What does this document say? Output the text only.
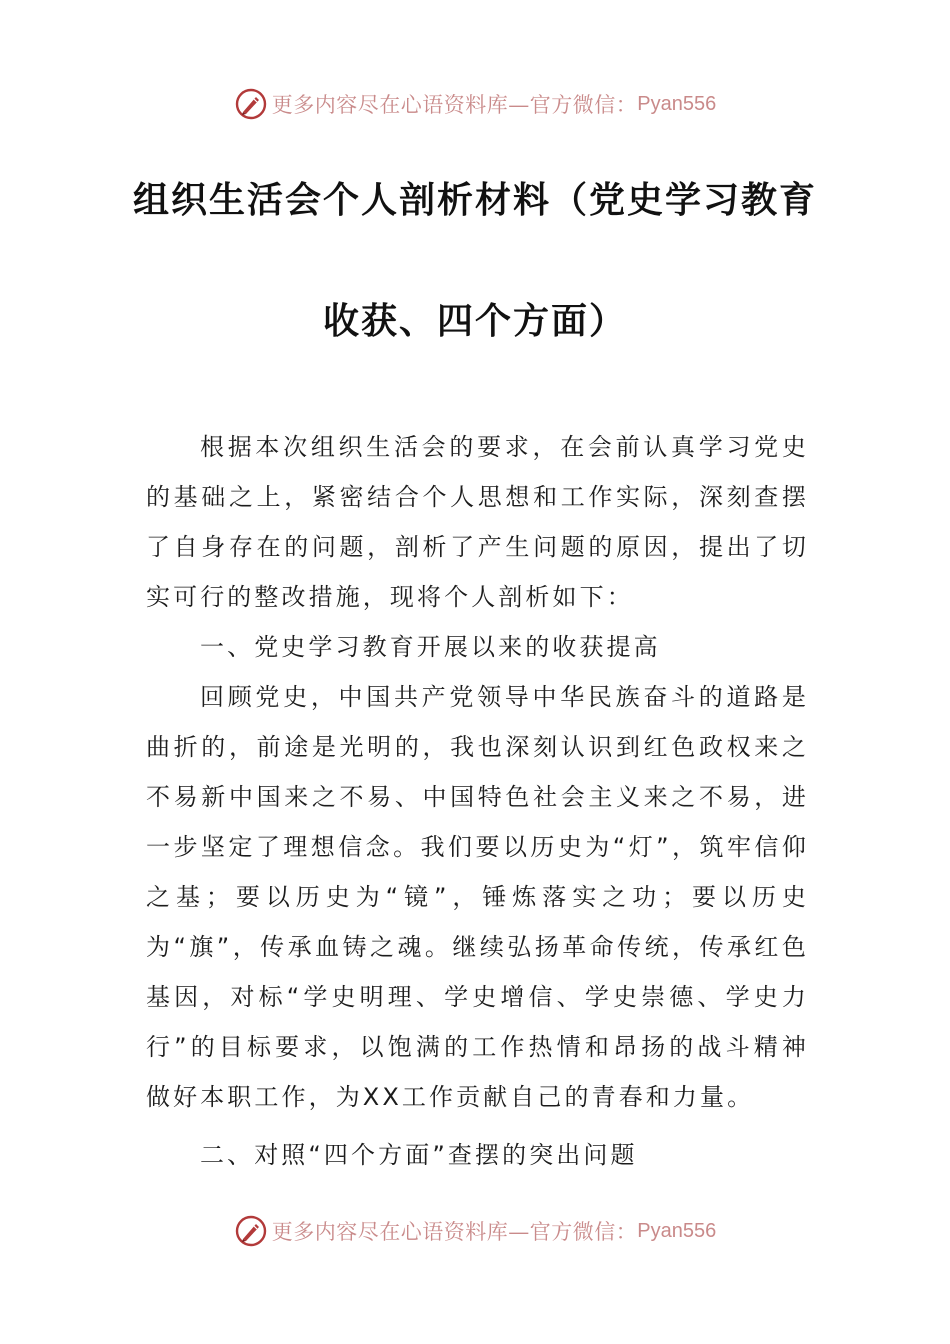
更多内容尽在心语资料库—官方微信： Pyan556
组织生活会个人剖析材料（党史学习教育
收获、四个方面）

根据本次组织生活会的要求，在会前认真学习党史的基础之上，紧密结合个人思想和工作实际，深刻查摆了自身存在的问题，剖析了产生问题的原因，提出了切实可行的整改措施，现将个人剖析如下：

一、党史学习教育开展以来的收获提高

回顾党史，中国共产党领导中华民族奋斗的道路是曲折的，前途是光明的，我也深刻认识到红色政权来之不易新中国来之不易、中国特色社会主义来之不易，进一步坚定了理想信念。我们要以历史为“灯”，筑牢信仰之基；要以历史为“镜”，锤炼落实之功；要以历史为“旗”，传承血铸之魂。继续弘扬革命传统，传承红色基因，对标“学史明理、学史增信、学史崇德、学史力行”的目标要求，以饱满的工作热情和昂扬的战斗精神做好本职工作，为XX工作贡献自己的青春和力量。

二、对照“四个方面”查摆的突出问题

更多内容尽在心语资料库—官方微信： Pyan556
